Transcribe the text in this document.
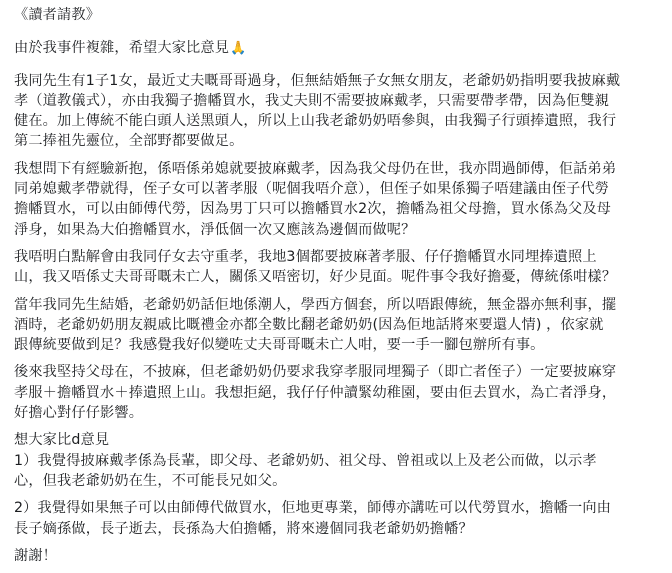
《讀者請教》
由於我事件複雜，希望大家比意見🙏
我同先生有1子1女，最近丈夫嘅哥哥過身，佢無結婚無子女無女朋友，老爺奶奶指明要我披麻戴
孝（道教儀式），亦由我獨子擔幡買水，我丈夫則不需要披麻戴孝，只需要帶孝帶，因為佢雙親
健在。加上傳統不能白頭人送黑頭人，所以上山我老爺奶奶唔參與，由我獨子行頭捧遺照，我行
第二捧祖先靈位，全部野都要做足。
我想問下有經驗新抱，係唔係弟媳就要披麻戴孝，因為我父母仍在世，我亦問過師傅，佢話弟弟
同弟媳戴孝帶就得，侄子女可以著孝服（呢個我唔介意），但侄子如果係獨子唔建議由侄子代勞
擔幡買水，可以由師傅代勞，因為男丁只可以擔幡買水2次，擔幡為祖父母擔，買水係為父及母
淨身，如果為大伯擔幡買水，淨低個一次又應該為邊個而做呢？
我唔明白點解會由我同仔女去守重孝，我地3個都要披麻著孝服、仔仔擔幡買水同埋捧遺照上
山，我又唔係丈夫哥哥嘅未亡人，關係又唔密切，好少見面。呢件事令我好擔憂，傳統係咁樣？
當年我同先生結婚，老爺奶奶話佢地係潮人，學西方個套，所以唔跟傳統，無金器亦無利事，擺
酒時，老爺奶奶朋友親戚比嘅禮金亦都全數比翻老爺奶奶(因為佢地話將來要還人情) ，依家就
跟傳統要做到足？我感覺我好似變咗丈夫哥哥嘅未亡人咁，要一手一腳包辦所有事。
後來我堅持父母在，不披麻，但老爺奶奶仍要求我穿孝服同埋獨子（即亡者侄子）一定要披麻穿
孝服＋擔幡買水＋捧遺照上山。我想拒絕，我仔仔仲讀緊幼稚園，要由佢去買水，為亡者淨身，
好擔心對仔仔影響。
想大家比d意見
1）我覺得披麻戴孝係為長輩，即父母、老爺奶奶、祖父母、曾祖或以上及老公而做，以示孝
心，但我老爺奶奶在生，不可能長兄如父。
2）我覺得如果無子可以由師傅代做買水，佢地更專業，師傅亦講咗可以代勞買水，擔幡一向由
長子嫡孫做，長子逝去，長孫為大伯擔幡，將來邊個同我老爺奶奶擔幡？
謝謝！
